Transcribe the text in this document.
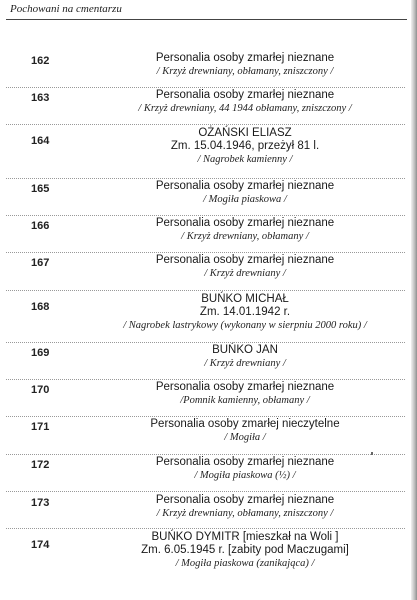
Pochowani na cmentarzu
162	Personalia osoby zmarłej nieznane
/ Krzyż drewniany, obłamany, zniszczony /
163	Personalia osoby zmarłej nieznane
/ Krzyż drewniany, 44 1944 obłamany, zniszczony /
164
OŻAŃSKI ELIASZ
Zm. 15.04.1946, przeżył 81 l.
/ Nagrobek kamienny /
165	Personalia osoby zmarłej nieznane
/ Mogiła piaskowa /
166	Personalia osoby zmarłej nieznane
/ Krzyż drewniany, obłamany /
167	Personalia osoby zmarłej nieznane
/ Krzyż drewniany /
168
BUŃKO MICHAŁ
Zm. 14.01.1942 r.
/ Nagrobek lastrykowy (wykonany w sierpniu 2000 roku) /
169	BUŃKO JAN
/ Krzyż drewniany /
170	Personalia osoby zmarłej nieznane
/Pomnik kamienny, obłamany /
171	Personalia osoby zmarłej nieczytelne
/ Mogiła /
172	Personalia osoby zmarłej nieznane
/ Mogiła piaskowa (½) /
173	Personalia osoby zmarłej nieznane
/ Krzyż drewniany, obłamany, zniszczony /
174
BUŃKO DYMITR [mieszkał na Woli ]
Zm. 6.05.1945 r. [zabity pod Maczugami]
/ Mogiła piaskowa (zanikająca) /
